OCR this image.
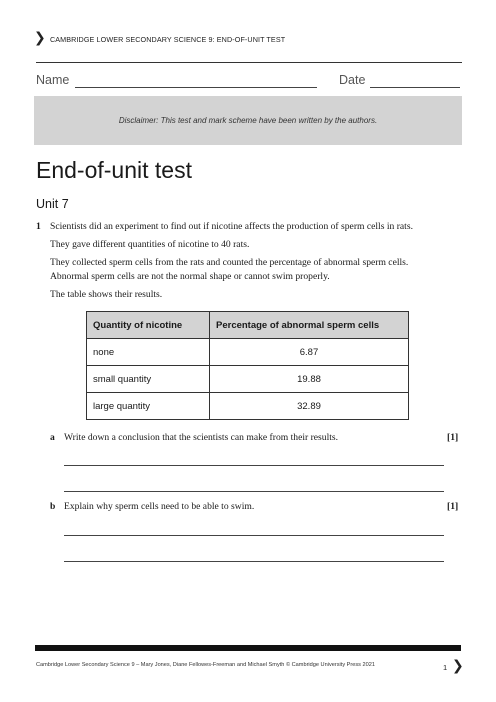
❯ CAMBRIDGE LOWER SECONDARY SCIENCE 9: END-OF-UNIT TEST
Name	Date
Disclaimer: This test and mark scheme have been written by the authors.
End-of-unit test
Unit 7
1 Scientists did an experiment to find out if nicotine affects the production of sperm cells in rats.
They gave different quantities of nicotine to 40 rats.
They collected sperm cells from the rats and counted the percentage of abnormal sperm cells.
Abnormal sperm cells are not the normal shape or cannot swim properly.
The table shows their results.
Quantity of nicotine	Percentage of abnormal sperm cells
none	6.87
small quantity	19.88
large quantity	32.89
a Write down a conclusion that the scientists can make from their results.	[1]
b Explain why sperm cells need to be able to swim.	[1]
Cambridge Lower Secondary Science 9 – Mary Jones, Diane Fellowes-Freeman and Michael Smyth © Cambridge University Press 2021	1 ❯
